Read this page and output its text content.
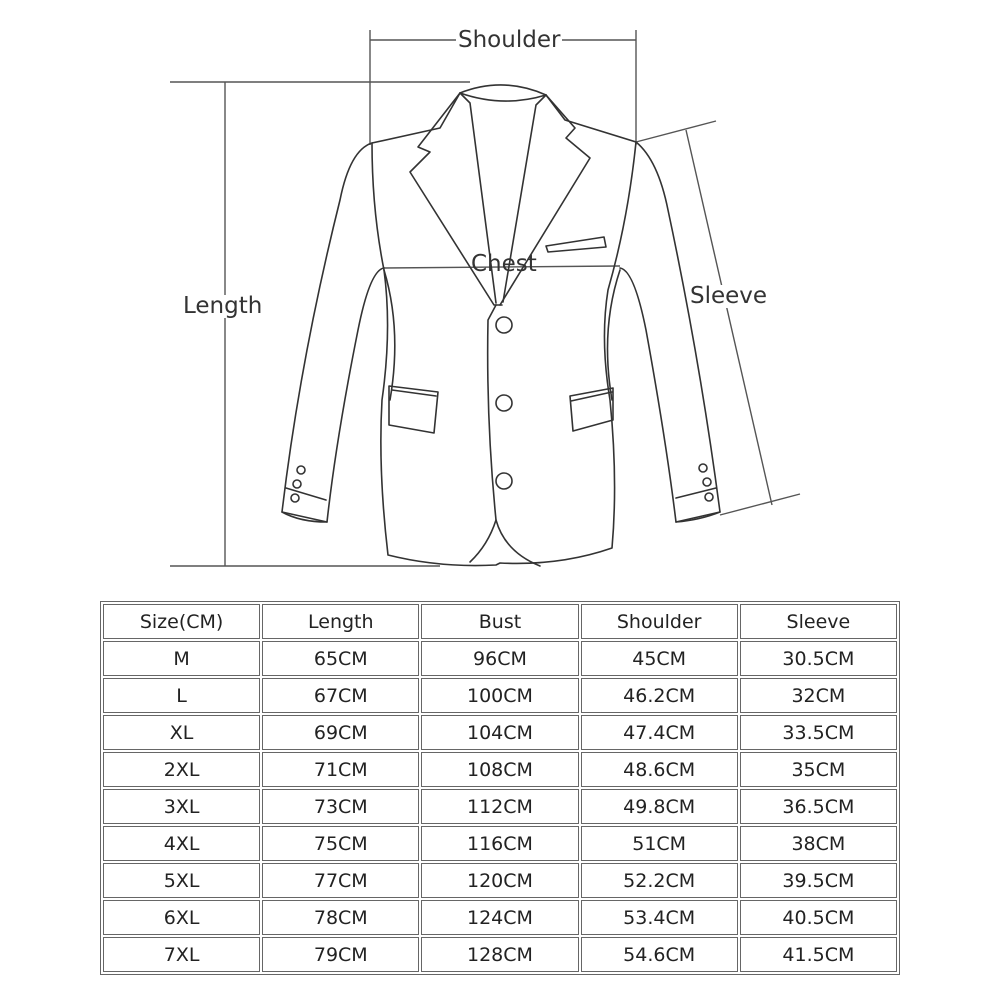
Shoulder
Length
Chest
Sleeve
Size(CM)	Length	Bust	Shoulder	Sleeve
M	65CM	96CM	45CM	30.5CM
L	67CM	100CM	46.2CM	32CM
XL	69CM	104CM	47.4CM	33.5CM
2XL	71CM	108CM	48.6CM	35CM
3XL	73CM	112CM	49.8CM	36.5CM
4XL	75CM	116CM	51CM	38CM
5XL	77CM	120CM	52.2CM	39.5CM
6XL	78CM	124CM	53.4CM	40.5CM
7XL	79CM	128CM	54.6CM	41.5CM
